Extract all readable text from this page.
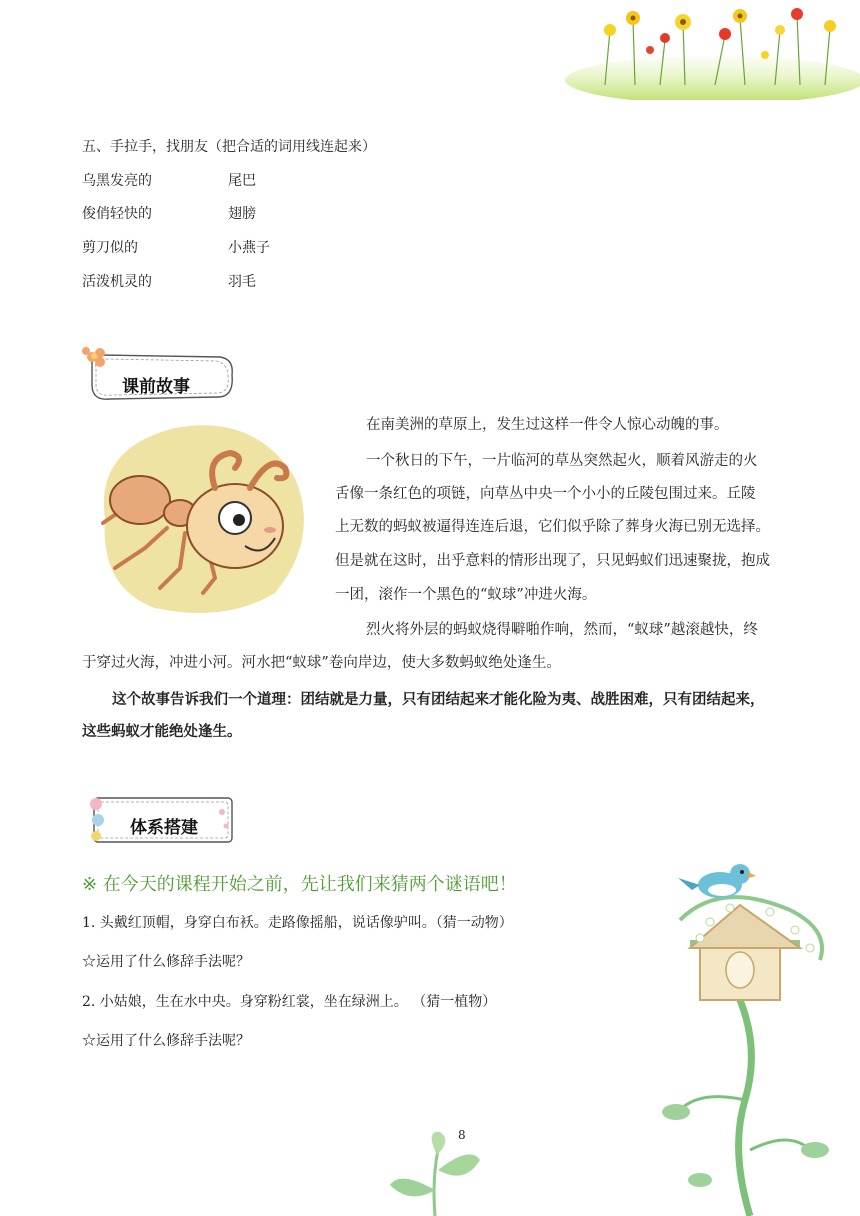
五、手拉手，找朋友（把合适的词用线连起来）
乌黑发亮的	尾巴
俊俏轻快的	翅膀
剪刀似的	小燕子
活泼机灵的	羽毛
课前故事

在南美洲的草原上，发生过这样一件令人惊心动魄的事。

一个秋日的下午，一片临河的草丛突然起火，顺着风游走的火

舌像一条红色的项链，向草丛中央一个小小的丘陵包围过来。丘陵

上无数的蚂蚁被逼得连连后退，它们似乎除了葬身火海已别无选择。

但是就在这时，出乎意料的情形出现了，只见蚂蚁们迅速聚拢，抱成

一团，滚作一个黑色的“蚁球”冲进火海。

烈火将外层的蚂蚁烧得噼啪作响，然而，“蚁球”越滚越快，终

于穿过火海，冲进小河。河水把“蚁球”卷向岸边，使大多数蚂蚁绝处逢生。

这个故事告诉我们一个道理：团结就是力量，只有团结起来才能化险为夷、战胜困难，只有团结起来，
这些蚂蚁才能绝处逢生。
体系搭建
※ 在今天的课程开始之前，先让我们来猜两个谜语吧！
1. 头戴红顶帽，身穿白布袄。走路像摇船，说话像驴叫。（猜一动物）
☆运用了什么修辞手法呢？
2. 小姑娘，生在水中央。身穿粉红裳，坐在绿洲上。 （猜一植物）
☆运用了什么修辞手法呢？
8
